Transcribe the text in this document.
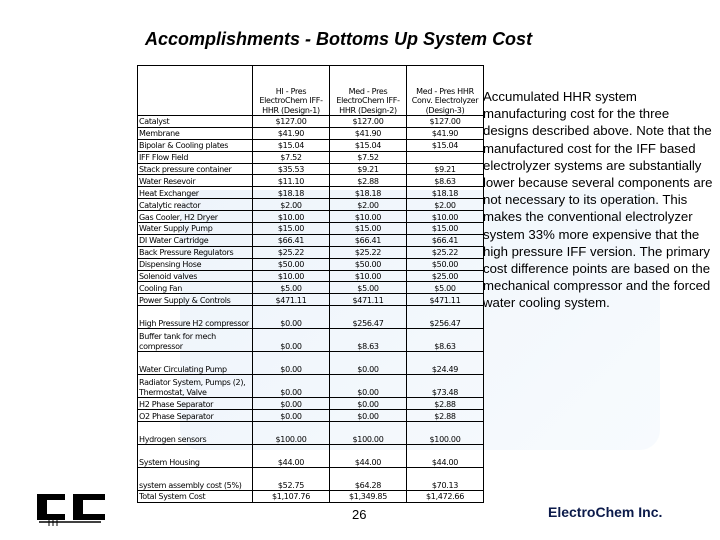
Accomplishments - Bottoms Up System Cost
	HI - Pres ElectroChem IFF-HHR (Design-1)	Med - Pres ElectroChem IFF-HHR (Design-2)	Med - Pres HHR Conv. Electrolyzer (Design-3)
Catalyst	$127.00	$127.00	$127.00
Membrane	$41.90	$41.90	$41.90
Bipolar & Cooling plates	$15.04	$15.04	$15.04
IFF Flow Field	$7.52	$7.52	
Stack pressure container	$35.53	$9.21	$9.21
Water Resevoir	$11.10	$2.88	$8.63
Heat Exchanger	$18.18	$18.18	$18.18
Catalytic reactor	$2.00	$2.00	$2.00
Gas Cooler, H2 Dryer	$10.00	$10.00	$10.00
Water Supply Pump	$15.00	$15.00	$15.00
DI Water Cartridge	$66.41	$66.41	$66.41
Back Pressure Regulators	$25.22	$25.22	$25.22
Dispensing Hose	$50.00	$50.00	$50.00
Solenoid valves	$10.00	$10.00	$25.00
Cooling Fan	$5.00	$5.00	$5.00
Power Supply & Controls	$471.11	$471.11	$471.11
High Pressure H2 compressor	$0.00	$256.47	$256.47
Buffer tank for mech compressor	$0.00	$8.63	$8.63
Water Circulating Pump	$0.00	$0.00	$24.49
Radiator System, Pumps (2), Thermostat, Valve	$0.00	$0.00	$73.48
H2 Phase Separator	$0.00	$0.00	$2.88
O2 Phase Separator	$0.00	$0.00	$2.88
Hydrogen sensors	$100.00	$100.00	$100.00
System Housing	$44.00	$44.00	$44.00
system assembly cost (5%)	$52.75	$64.28	$70.13
Total System Cost	$1,107.76	$1,349.85	$1,472.66
Accumulated HHR system manufacturing cost for the three designs described above. Note that the manufactured cost for the IFF based electrolyzer systems are substantially lower because several components are not necessary to its operation. This makes the conventional electrolyzer system 33% more expensive that the high pressure IFF version. The primary cost difference points are based on the mechanical compressor and the forced water cooling system.
26	ElectroChem Inc.
